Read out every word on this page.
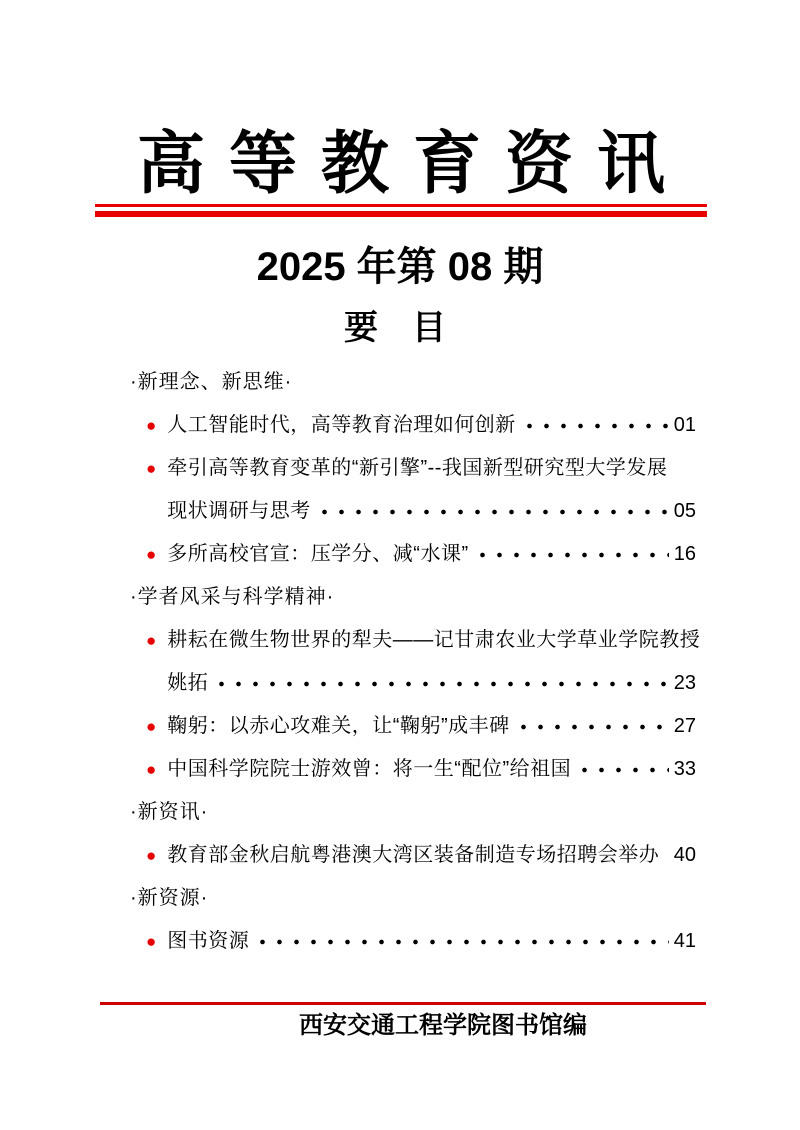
高等教育资讯
2025 年第 08 期
要　目
·新理念、新思维·
● 人工智能时代，高等教育治理如何创新	01
● 牵引高等教育变革的“新引擎”--我国新型研究型大学发展
现状调研与思考	05
● 多所高校官宣：压学分、减“水课”	16
·学者风采与科学精神·
● 耕耘在微生物世界的犁夫——记甘肃农业大学草业学院教授
姚拓	23
● 鞠躬：以赤心攻难关，让“鞠躬”成丰碑	27
● 中国科学院院士游效曾：将一生“配位”给祖国	33
·新资讯·
● 教育部金秋启航粤港澳大湾区装备制造专场招聘会举办 40
·新资源·
● 图书资源	41
西安交通工程学院图书馆编
